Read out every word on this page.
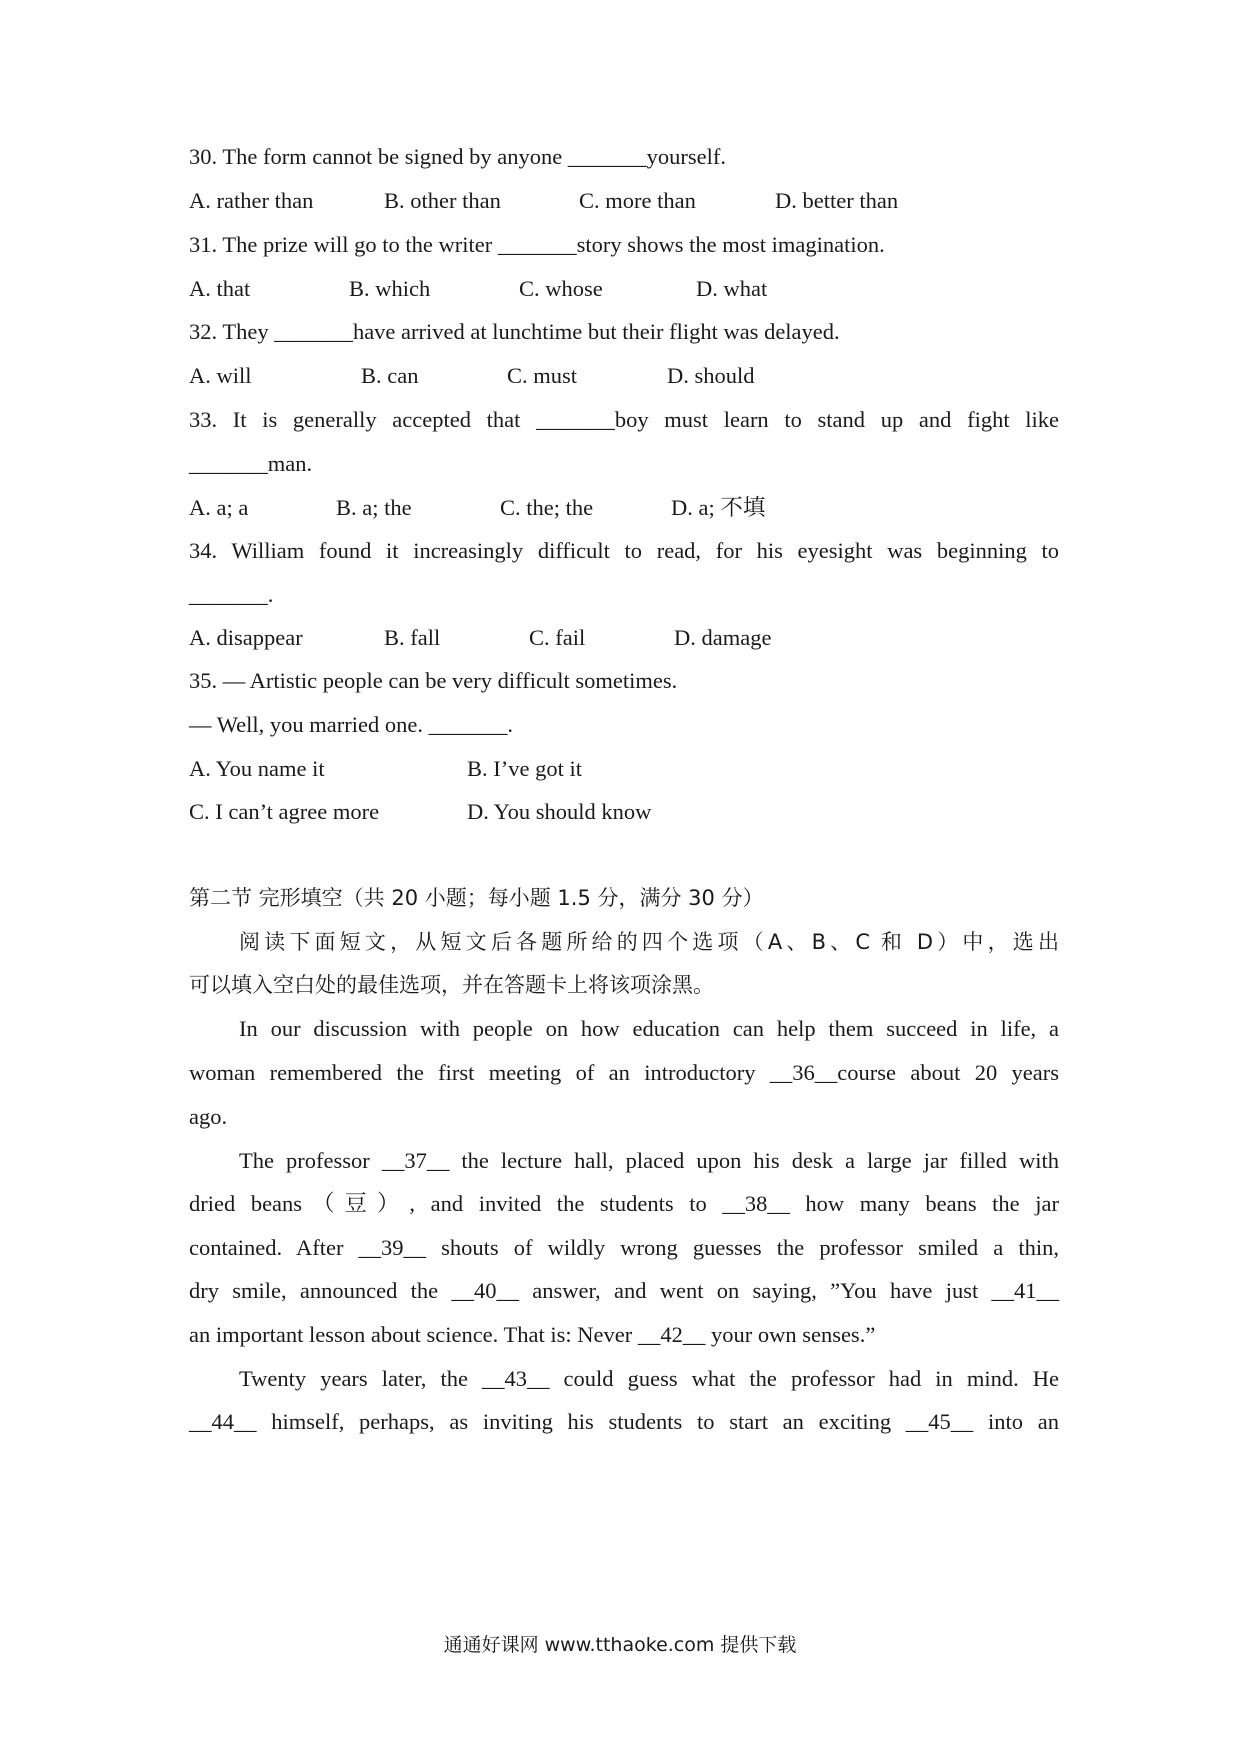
30. The form cannot be signed by anyone _______yourself.
A. rather than	B. other than	C. more than	D. better than
31. The prize will go to the writer _______story shows the most imagination.
A. that	B. which	C. whose	D. what
32. They _______have arrived at lunchtime but their flight was delayed.
A. will	B. can	C. must	D. should
33. It is generally accepted that _______boy must learn to stand up and fight like
_______man.
A. a; a	B. a; the	C. the; the	D. a; 不填
34. William found it increasingly difficult to read, for his eyesight was beginning to
_______.
A. disappear	B. fall	C. fail	D. damage
35. — Artistic people can be very difficult sometimes.
— Well, you married one. _______.
A. You name it	B. I’ve got it
C. I can’t agree more	D. You should know
第二节 完形填空（共 20 小题；每小题 1.5 分，满分 30 分）
阅读下面短文，从短文后各题所给的四个选项（A、B、C 和 D）中，选出
可以填入空白处的最佳选项，并在答题卡上将该项涂黑。
In our discussion with people on how education can help them succeed in life, a
woman remembered the first meeting of an introductory __36__course about 20 years
ago.
The professor __37__ the lecture hall, placed upon his desk a large jar filled with
dried beans（豆）, and invited the students to __38__ how many beans the jar
contained. After __39__ shouts of wildly wrong guesses the professor smiled a thin,
dry smile, announced the __40__ answer, and went on saying, ”You have just __41__
an important lesson about science. That is: Never __42__ your own senses.”
Twenty years later, the __43__ could guess what the professor had in mind. He
__44__ himself, perhaps, as inviting his students to start an exciting __45__ into an
通通好课网 www.tthaoke.com 提供下载
